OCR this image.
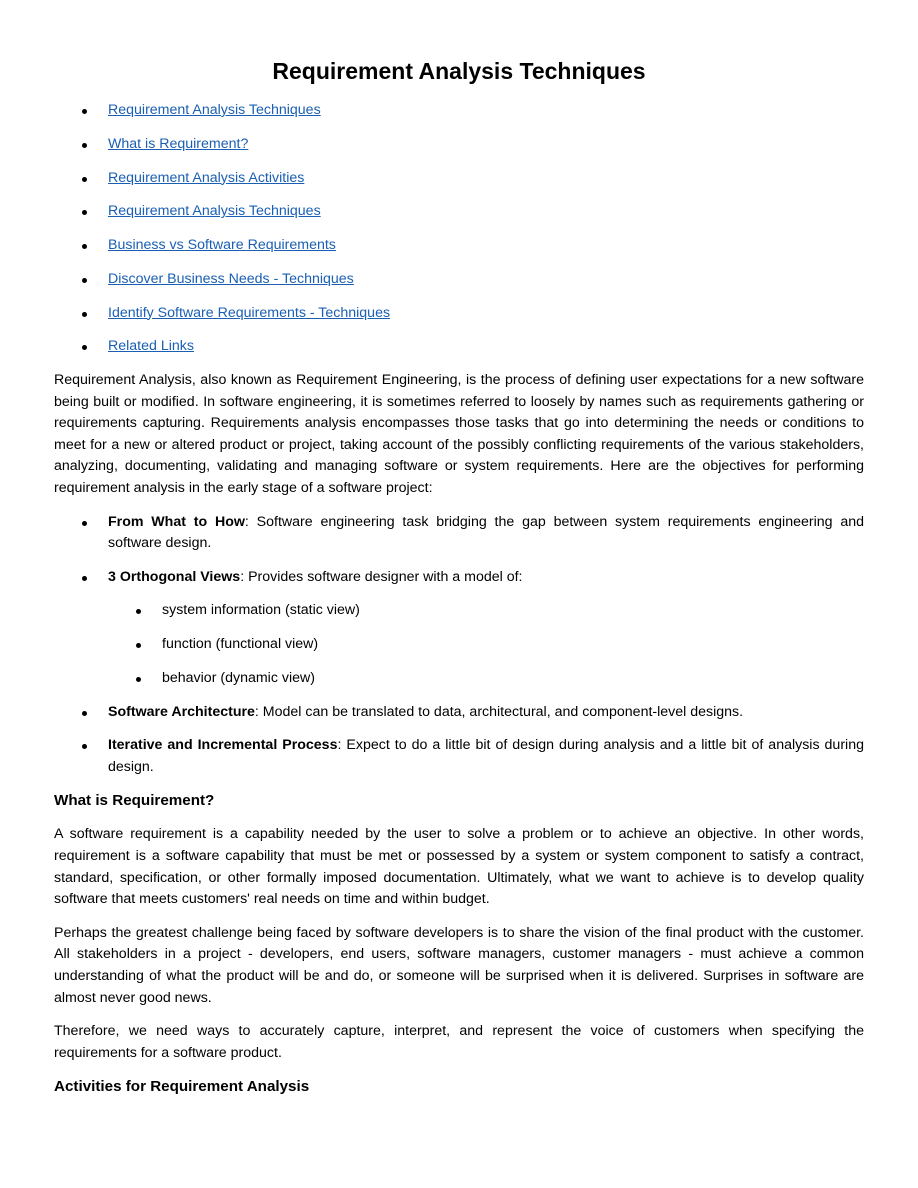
Requirement Analysis Techniques
Requirement Analysis Techniques
What is Requirement?
Requirement Analysis Activities
Requirement Analysis Techniques
Business vs Software Requirements
Discover Business Needs - Techniques
Identify Software Requirements - Techniques
Related Links

Requirement Analysis, also known as Requirement Engineering, is the process of defining user expectations for a new software being built or modified. In software engineering, it is sometimes referred to loosely by names such as requirements gathering or requirements capturing. Requirements analysis encompasses those tasks that go into determining the needs or conditions to meet for a new or altered product or project, taking account of the possibly conflicting requirements of the various stakeholders, analyzing, documenting, validating and managing software or system requirements. Here are the objectives for performing requirement analysis in the early stage of a software project:

From What to How: Software engineering task bridging the gap between system requirements engineering and software design.
3 Orthogonal Views: Provides software designer with a model of:
system information (static view)
function (functional view)
behavior (dynamic view)
Software Architecture: Model can be translated to data, architectural, and component-level designs.
Iterative and Incremental Process: Expect to do a little bit of design during analysis and a little bit of analysis during design.
What is Requirement?

A software requirement is a capability needed by the user to solve a problem or to achieve an objective. In other words, requirement is a software capability that must be met or possessed by a system or system component to satisfy a contract, standard, specification, or other formally imposed documentation. Ultimately, what we want to achieve is to develop quality software that meets customers' real needs on time and within budget.

Perhaps the greatest challenge being faced by software developers is to share the vision of the final product with the customer. All stakeholders in a project - developers, end users, software managers, customer managers - must achieve a common understanding of what the product will be and do, or someone will be surprised when it is delivered. Surprises in software are almost never good news.

Therefore, we need ways to accurately capture, interpret, and represent the voice of customers when specifying the requirements for a software product.

Activities for Requirement Analysis
